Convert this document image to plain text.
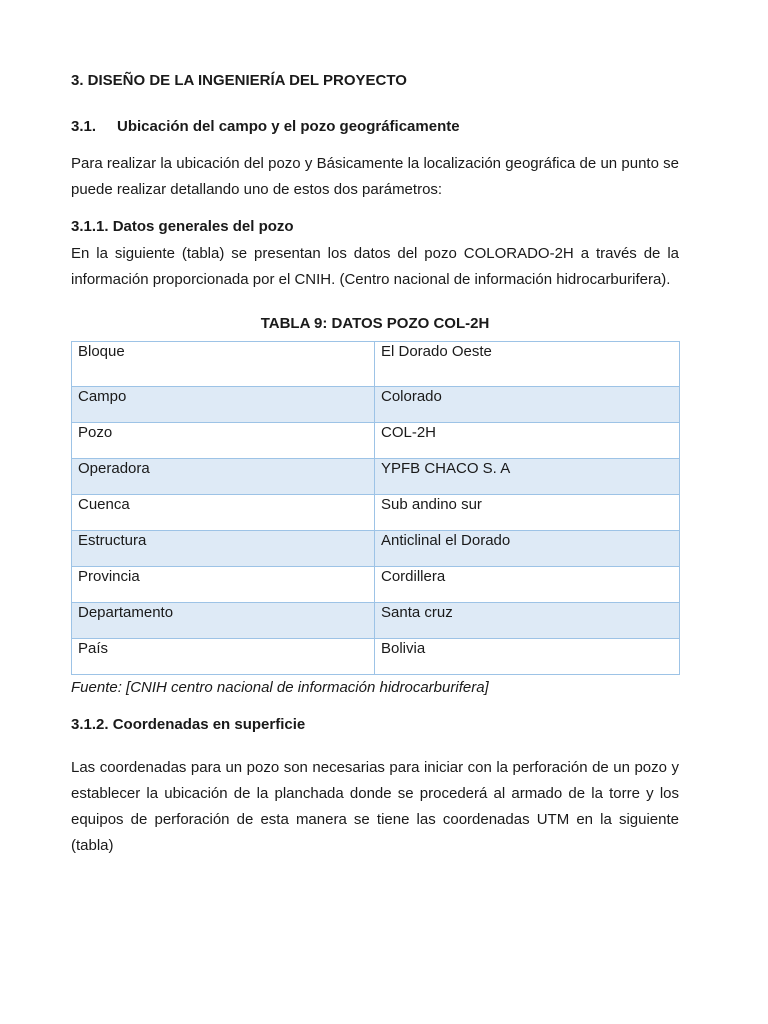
3. DISEÑO DE LA INGENIERÍA DEL PROYECTO
3.1. Ubicación del campo y el pozo geográficamente
Para realizar la ubicación del pozo y Básicamente la localización geográfica de un punto se puede realizar detallando uno de estos dos parámetros:
3.1.1. Datos generales del pozo
En la siguiente (tabla) se presentan los datos del pozo COLORADO-2H a través de la información proporcionada por el CNIH. (Centro nacional de información hidrocarburifera).
TABLA 9: DATOS POZO COL-2H
Bloque	El Dorado Oeste
Campo	Colorado
Pozo	COL-2H
Operadora	YPFB CHACO S. A
Cuenca	Sub andino sur
Estructura	Anticlinal el Dorado
Provincia	Cordillera
Departamento	Santa cruz
País	Bolivia
Fuente: [CNIH centro nacional de información hidrocarburifera]
3.1.2. Coordenadas en superficie
Las coordenadas para un pozo son necesarias para iniciar con la perforación de un pozo y establecer la ubicación de la planchada donde se procederá al armado de la torre y los equipos de perforación de esta manera se tiene las coordenadas UTM en la siguiente (tabla)
